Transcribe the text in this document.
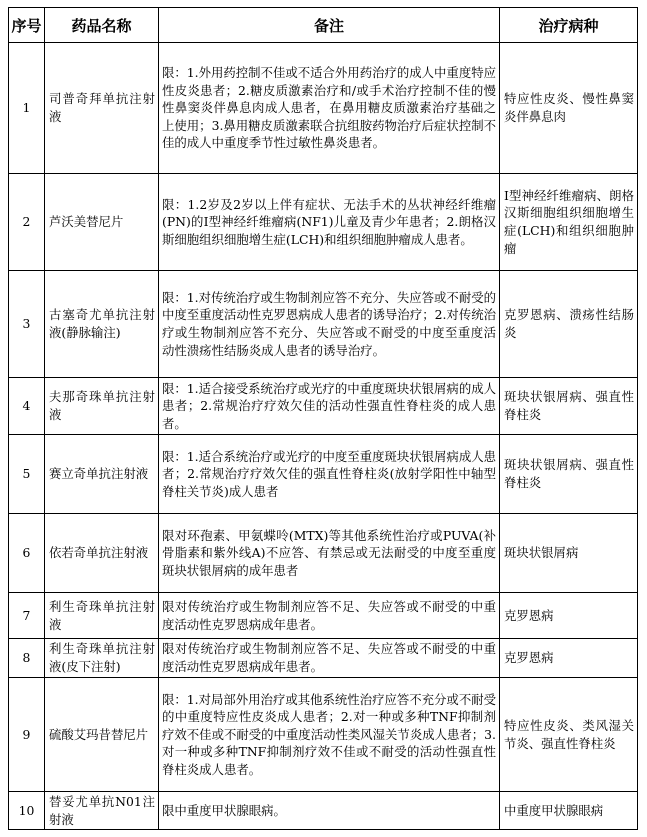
序号	药品名称	备注	治疗病种
1	司普奇拜单抗注射液	限：1.外用药控制不佳或不适合外用药治疗的成人中重度特应性皮炎患者；2.糖皮质激素治疗和/或手术治疗控制不佳的慢性鼻窦炎伴鼻息肉成人患者，在鼻用糖皮质激素治疗基础之上使用；3.鼻用糖皮质激素联合抗组胺药物治疗后症状控制不佳的成人中重度季节性过敏性鼻炎患者。	特应性皮炎、慢性鼻窦炎伴鼻息肉
2	芦沃美替尼片	限：1.2岁及2岁以上伴有症状、无法手术的丛状神经纤维瘤(PN)的I型神经纤维瘤病(NF1)儿童及青少年患者；2.朗格汉斯细胞组织细胞增生症(LCH)和组织细胞肿瘤成人患者。	I型神经纤维瘤病、朗格汉斯细胞组织细胞增生症(LCH)和组织细胞肿瘤
3	古塞奇尤单抗注射液(静脉输注)	限：1.对传统治疗或生物制剂应答不充分、失应答或不耐受的中度至重度活动性克罗恩病成人患者的诱导治疗；2.对传统治疗或生物制剂应答不充分、失应答或不耐受的中度至重度活动性溃疡性结肠炎成人患者的诱导治疗。	克罗恩病、溃疡性结肠炎
4	夫那奇珠单抗注射液	限：1.适合接受系统治疗或光疗的中重度斑块状银屑病的成人患者；2.常规治疗疗效欠佳的活动性强直性脊柱炎的成人患者。	斑块状银屑病、强直性脊柱炎
5	赛立奇单抗注射液	限：1.适合系统治疗或光疗的中度至重度斑块状银屑病成人患者；2.常规治疗疗效欠佳的强直性脊柱炎(放射学阳性中轴型脊柱关节炎)成人患者	斑块状银屑病、强直性脊柱炎
6	依若奇单抗注射液	限对环孢素、甲氨蝶呤(MTX)等其他系统性治疗或PUVA(补骨脂素和紫外线A)不应答、有禁忌或无法耐受的中度至重度斑块状银屑病的成年患者	斑块状银屑病
7	利生奇珠单抗注射液	限对传统治疗或生物制剂应答不足、失应答或不耐受的中重度活动性克罗恩病成年患者。	克罗恩病
8	利生奇珠单抗注射液(皮下注射)	限对传统治疗或生物制剂应答不足、失应答或不耐受的中重度活动性克罗恩病成年患者。	克罗恩病
9	硫酸艾玛昔替尼片	限：1.对局部外用治疗或其他系统性治疗应答不充分或不耐受的中重度特应性皮炎成人患者；2.对一种或多种TNF抑制剂疗效不佳或不耐受的中重度活动性类风湿关节炎成人患者；3.对一种或多种TNF抑制剂疗效不佳或不耐受的活动性强直性脊柱炎成人患者。	特应性皮炎、类风湿关节炎、强直性脊柱炎
10	替妥尤单抗N01注射液	限中重度甲状腺眼病。	中重度甲状腺眼病
